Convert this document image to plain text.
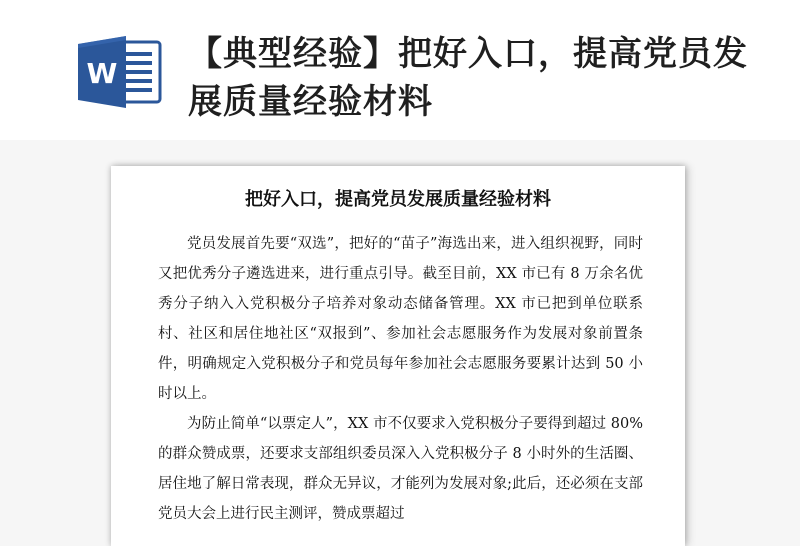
W 【典型经验】把好入口，提高党员发展质量经验材料
把好入口，提高党员发展质量经验材料

党员发展首先要“双选”，把好的“苗子”海选出来，进入组织视野，同时又把优秀分子遴选进来，进行重点引导。截至目前，XX 市已有 8 万余名优秀分子纳入入党积极分子培养对象动态储备管理。XX 市已把到单位联系村、社区和居住地社区“双报到”、参加社会志愿服务作为发展对象前置条件，明确规定入党积极分子和党员每年参加社会志愿服务要累计达到 50 小时以上。

为防止简单“以票定人”，XX 市不仅要求入党积极分子要得到超过 80%的群众赞成票，还要求支部组织委员深入入党积极分子 8 小时外的生活圈、居住地了解日常表现，群众无异议，才能列为发展对象;此后，还必须在支部党员大会上进行民主测评，赞成票超过
